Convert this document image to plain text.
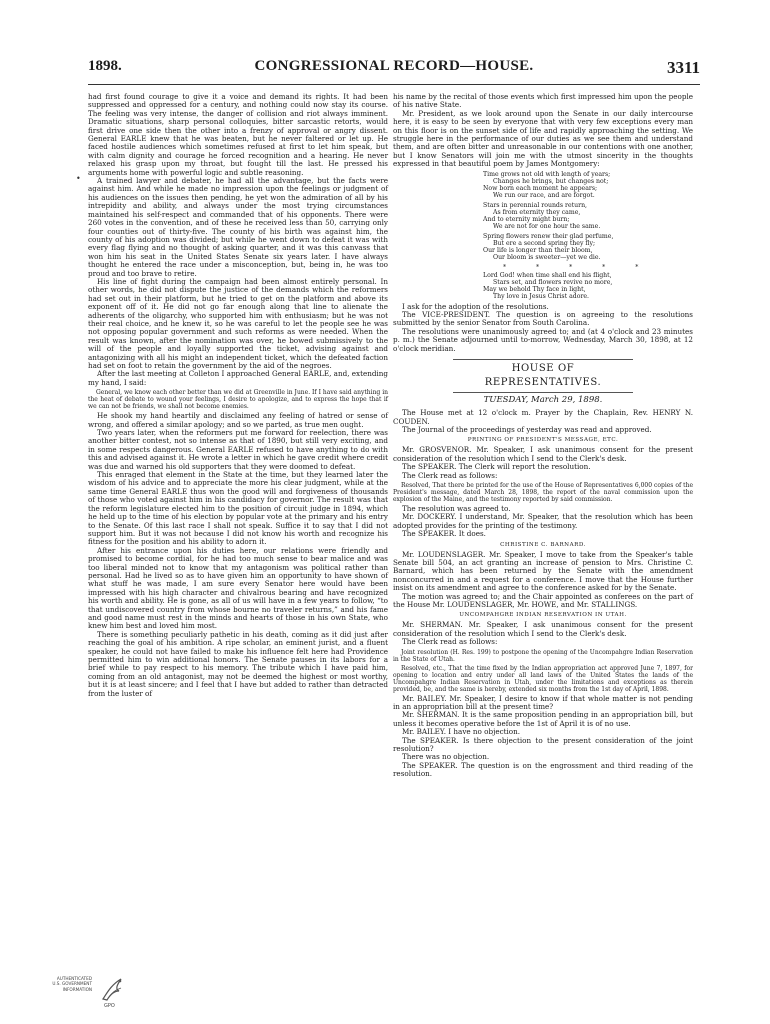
1898.	CONGRESSIONAL RECORD—HOUSE.	3311
•

had first found courage to give it a voice and demand its rights. It had been suppressed and oppressed for a century, and nothing could now stay its course. The feeling was very intense, the danger of collision and riot always imminent. Dramatic situations, sharp personal colloquies, bitter sarcastic retorts, would first drive one side then the other into a frenzy of approval or angry dissent. General EARLE knew that he was beaten, but he never faltered or let up. He faced hostile audiences which sometimes refused at first to let him speak, but with calm dignity and courage he forced recognition and a hearing. He never relaxed his grasp upon my throat, but fought till the last. He pressed his arguments home with powerful logic and subtle reasoning.

A trained lawyer and debater, he had all the advantage, but the facts were against him. And while he made no impression upon the feelings or judgment of his audiences on the issues then pending, he yet won the admiration of all by his intrepidity and ability, and always under the most trying circumstances maintained his self-respect and commanded that of his opponents. There were 260 votes in the convention, and of these he received less than 50, carrying only four counties out of thirty-five. The county of his birth was against him, the county of his adoption was divided; but while he went down to defeat it was with every flag flying and no thought of asking quarter, and it was this canvass that won him his seat in the United States Senate six years later. I have always thought he entered the race under a misconception, but, being in, he was too proud and too brave to retire.

His line of fight during the campaign had been almost entirely personal. In other words, he did not dispute the justice of the demands which the reformers had set out in their platform, but he tried to get on the platform and above its exponent off of it. He did not go far enough along that line to alienate the adherents of the oligarchy, who supported him with enthusiasm; but he was not their real choice, and he knew it, so he was careful to let the people see he was not opposing popular government and such reforms as were needed. When the result was known, after the nomination was over, he bowed submissively to the will of the people and loyally supported the ticket, advising against and antagonizing with all his might an independent ticket, which the defeated faction had set on foot to retain the government by the aid of the negroes.

After the last meeting at Colleton I approached General EARLE, and, extending my hand, I said:

General, we know each other better than we did at Greenville in June. If I have said anything in the heat of debate to wound your feelings, I desire to apologize, and to express the hope that if we can not be friends, we shall not become enemies.

He shook my hand heartily and disclaimed any feeling of hatred or sense of wrong, and offered a similar apology; and so we parted, as true men ought.

Two years later, when the reformers put me forward for reelection, there was another bitter contest, not so intense as that of 1890, but still very exciting, and in some respects dangerous. General EARLE refused to have anything to do with this and advised against it. He wrote a letter in which he gave credit where credit was due and warned his old supporters that they were doomed to defeat.

This enraged that element in the State at the time, but they learned later the wisdom of his advice and to appreciate the more his clear judgment, while at the same time General EARLE thus won the good will and forgiveness of thousands of those who voted against him in his candidacy for governor. The result was that the reform legislature elected him to the position of circuit judge in 1894, which he held up to the time of his election by popular vote at the primary and his entry to the Senate. Of this last race I shall not speak. Suffice it to say that I did not support him. But it was not because I did not know his worth and recognize his fitness for the position and his ability to adorn it.

After his entrance upon his duties here, our relations were friendly and promised to become cordial, for he had too much sense to bear malice and was too liberal minded not to know that my antagonism was political rather than personal. Had he lived so as to have given him an opportunity to have shown of what stuff he was made, I am sure every Senator here would have been impressed with his high character and chivalrous bearing and have recognized his worth and ability. He is gone, as all of us will have in a few years to follow, “to that undiscovered country from whose bourne no traveler returns,” and his fame and good name must rest in the minds and hearts of those in his own State, who knew him best and loved him most.

There is something peculiarly pathetic in his death, coming as it did just after reaching the goal of his ambition. A ripe scholar, an eminent jurist, and a fluent speaker, he could not have failed to make his influence felt here had Providence permitted him to win additional honors. The Senate pauses in its labors for a brief while to pay respect to his memory. The tribute which I have paid him, coming from an old antagonist, may not be deemed the highest or most worthy, but it is at least sincere; and I feel that I have but added to rather than detracted from the luster of

his name by the recital of those events which first impressed him upon the people of his native State.

Mr. President, as we look around upon the Senate in our daily intercourse here, it is easy to be seen by everyone that with very few exceptions every man on this floor is on the sunset side of life and rapidly approaching the setting. We struggle here in the performance of our duties as we see them and understand them, and are often bitter and unreasonable in our contentions with one another, but I know Senators will join me with the utmost sincerity in the thoughts expressed in that beautiful poem by James Montgomery:

Time grows not old with length of years;
Changes he brings, but changes not;
Now born each moment he appears;
We run our race, and are forgot.
Stars in perennial rounds return,
As from eternity they came,
And to eternity might burn;
We are not for one hour the same.
Spring flowers renew their glad perfume,
But ere a second spring they fly;
Our life is longer than their bloom,
Our bloom is sweeter—yet we die.
* * * * *
Lord God! when time shall end his flight,
Stars set, and flowers revive no more,
May we behold Thy face in light,
Thy love in Jesus Christ adore.

I ask for the adoption of the resolutions.

The VICE-PRESIDENT. The question is on agreeing to the resolutions submitted by the senior Senator from South Carolina.

The resolutions were unanimously agreed to; and (at 4 o'clock and 23 minutes p. m.) the Senate adjourned until to-morrow, Wednesday, March 30, 1898, at 12 o'clock meridian.

HOUSE OF REPRESENTATIVES.
TUESDAY, March 29, 1898.

The House met at 12 o'clock m. Prayer by the Chaplain, Rev. HENRY N. COUDEN.

The Journal of the proceedings of yesterday was read and approved.

PRINTING OF PRESIDENT'S MESSAGE, ETC.

Mr. GROSVENOR. Mr. Speaker, I ask unanimous consent for the present consideration of the resolution which I send to the Clerk's desk.

The SPEAKER. The Clerk will report the resolution.

The Clerk read as follows:

Resolved, That there be printed for the use of the House of Representatives 6,000 copies of the President's message, dated March 28, 1898, the report of the naval commission upon the explosion of the Maine, and the testimony reported by said commission.

The resolution was agreed to.

Mr. DOCKERY. I understand, Mr. Speaker, that the resolution which has been adopted provides for the printing of the testimony.

The SPEAKER. It does.

CHRISTINE C. BARNARD.

Mr. LOUDENSLAGER. Mr. Speaker, I move to take from the Speaker's table Senate bill 504, an act granting an increase of pension to Mrs. Christine C. Barnard, which has been returned by the Senate with the amendment nonconcurred in and a request for a conference. I move that the House further insist on its amendment and agree to the conference asked for by the Senate.

The motion was agreed to; and the Chair appointed as conferees on the part of the House Mr. LOUDENSLAGER, Mr. HOWE, and Mr. STALLINGS.

UNCOMPAHGRE INDIAN RESERVATION IN UTAH.

Mr. SHERMAN. Mr. Speaker, I ask unanimous consent for the present consideration of the resolution which I send to the Clerk's desk.

The Clerk read as follows:

Joint resolution (H. Res. 199) to postpone the opening of the Uncompahgre Indian Reservation in the State of Utah.

Resolved, etc., That the time fixed by the Indian appropriation act approved June 7, 1897, for opening to location and entry under all land laws of the United States the lands of the Uncompahgre Indian Reservation in Utah, under the limitations and exceptions as therein provided, be, and the same is hereby, extended six months from the 1st day of April, 1898.

Mr. BAILEY. Mr. Speaker, I desire to know if that whole matter is not pending in an appropriation bill at the present time?

Mr. SHERMAN. It is the same proposition pending in an appropriation bill, but unless it becomes operative before the 1st of April it is of no use.

Mr. BAILEY. I have no objection.

The SPEAKER. Is there objection to the present consideration of the joint resolution?

There was no objection.

The SPEAKER. The question is on the engrossment and third reading of the resolution.

AUTHENTICATED
U.S. GOVERNMENT
INFORMATION
GPO
